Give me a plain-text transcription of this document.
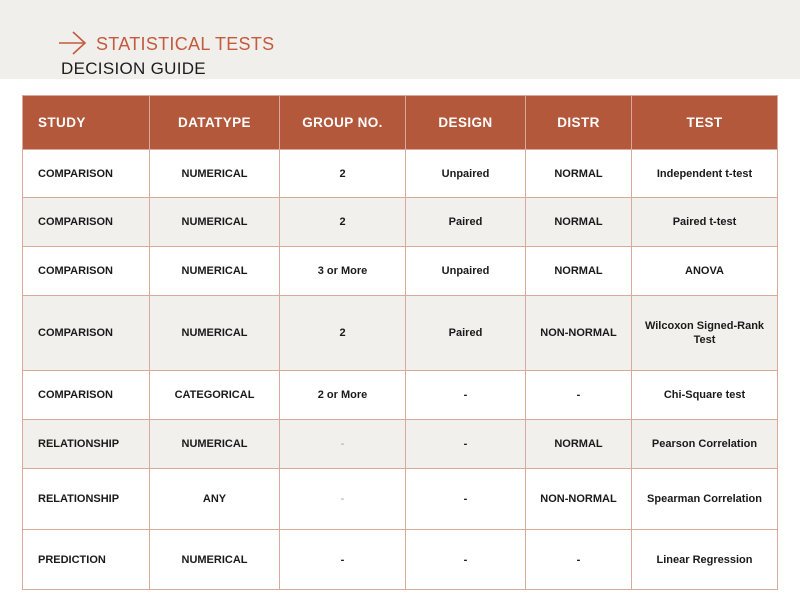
STATISTICAL TESTS
DECISION GUIDE
STUDY	DATATYPE	GROUP NO.	DESIGN	DISTR	TEST
COMPARISON	NUMERICAL	2	Unpaired	NORMAL	Independent t-test
COMPARISON	NUMERICAL	2	Paired	NORMAL	Paired t-test
COMPARISON	NUMERICAL	3 or More	Unpaired	NORMAL	ANOVA
COMPARISON	NUMERICAL	2	Paired	NON-NORMAL	Wilcoxon Signed-Rank Test
COMPARISON	CATEGORICAL	2 or More	-	-	Chi-Square test
RELATIONSHIP	NUMERICAL	-	-	NORMAL	Pearson Correlation
RELATIONSHIP	ANY	-	-	NON-NORMAL	Spearman Correlation
PREDICTION	NUMERICAL	-	-	-	Linear Regression
